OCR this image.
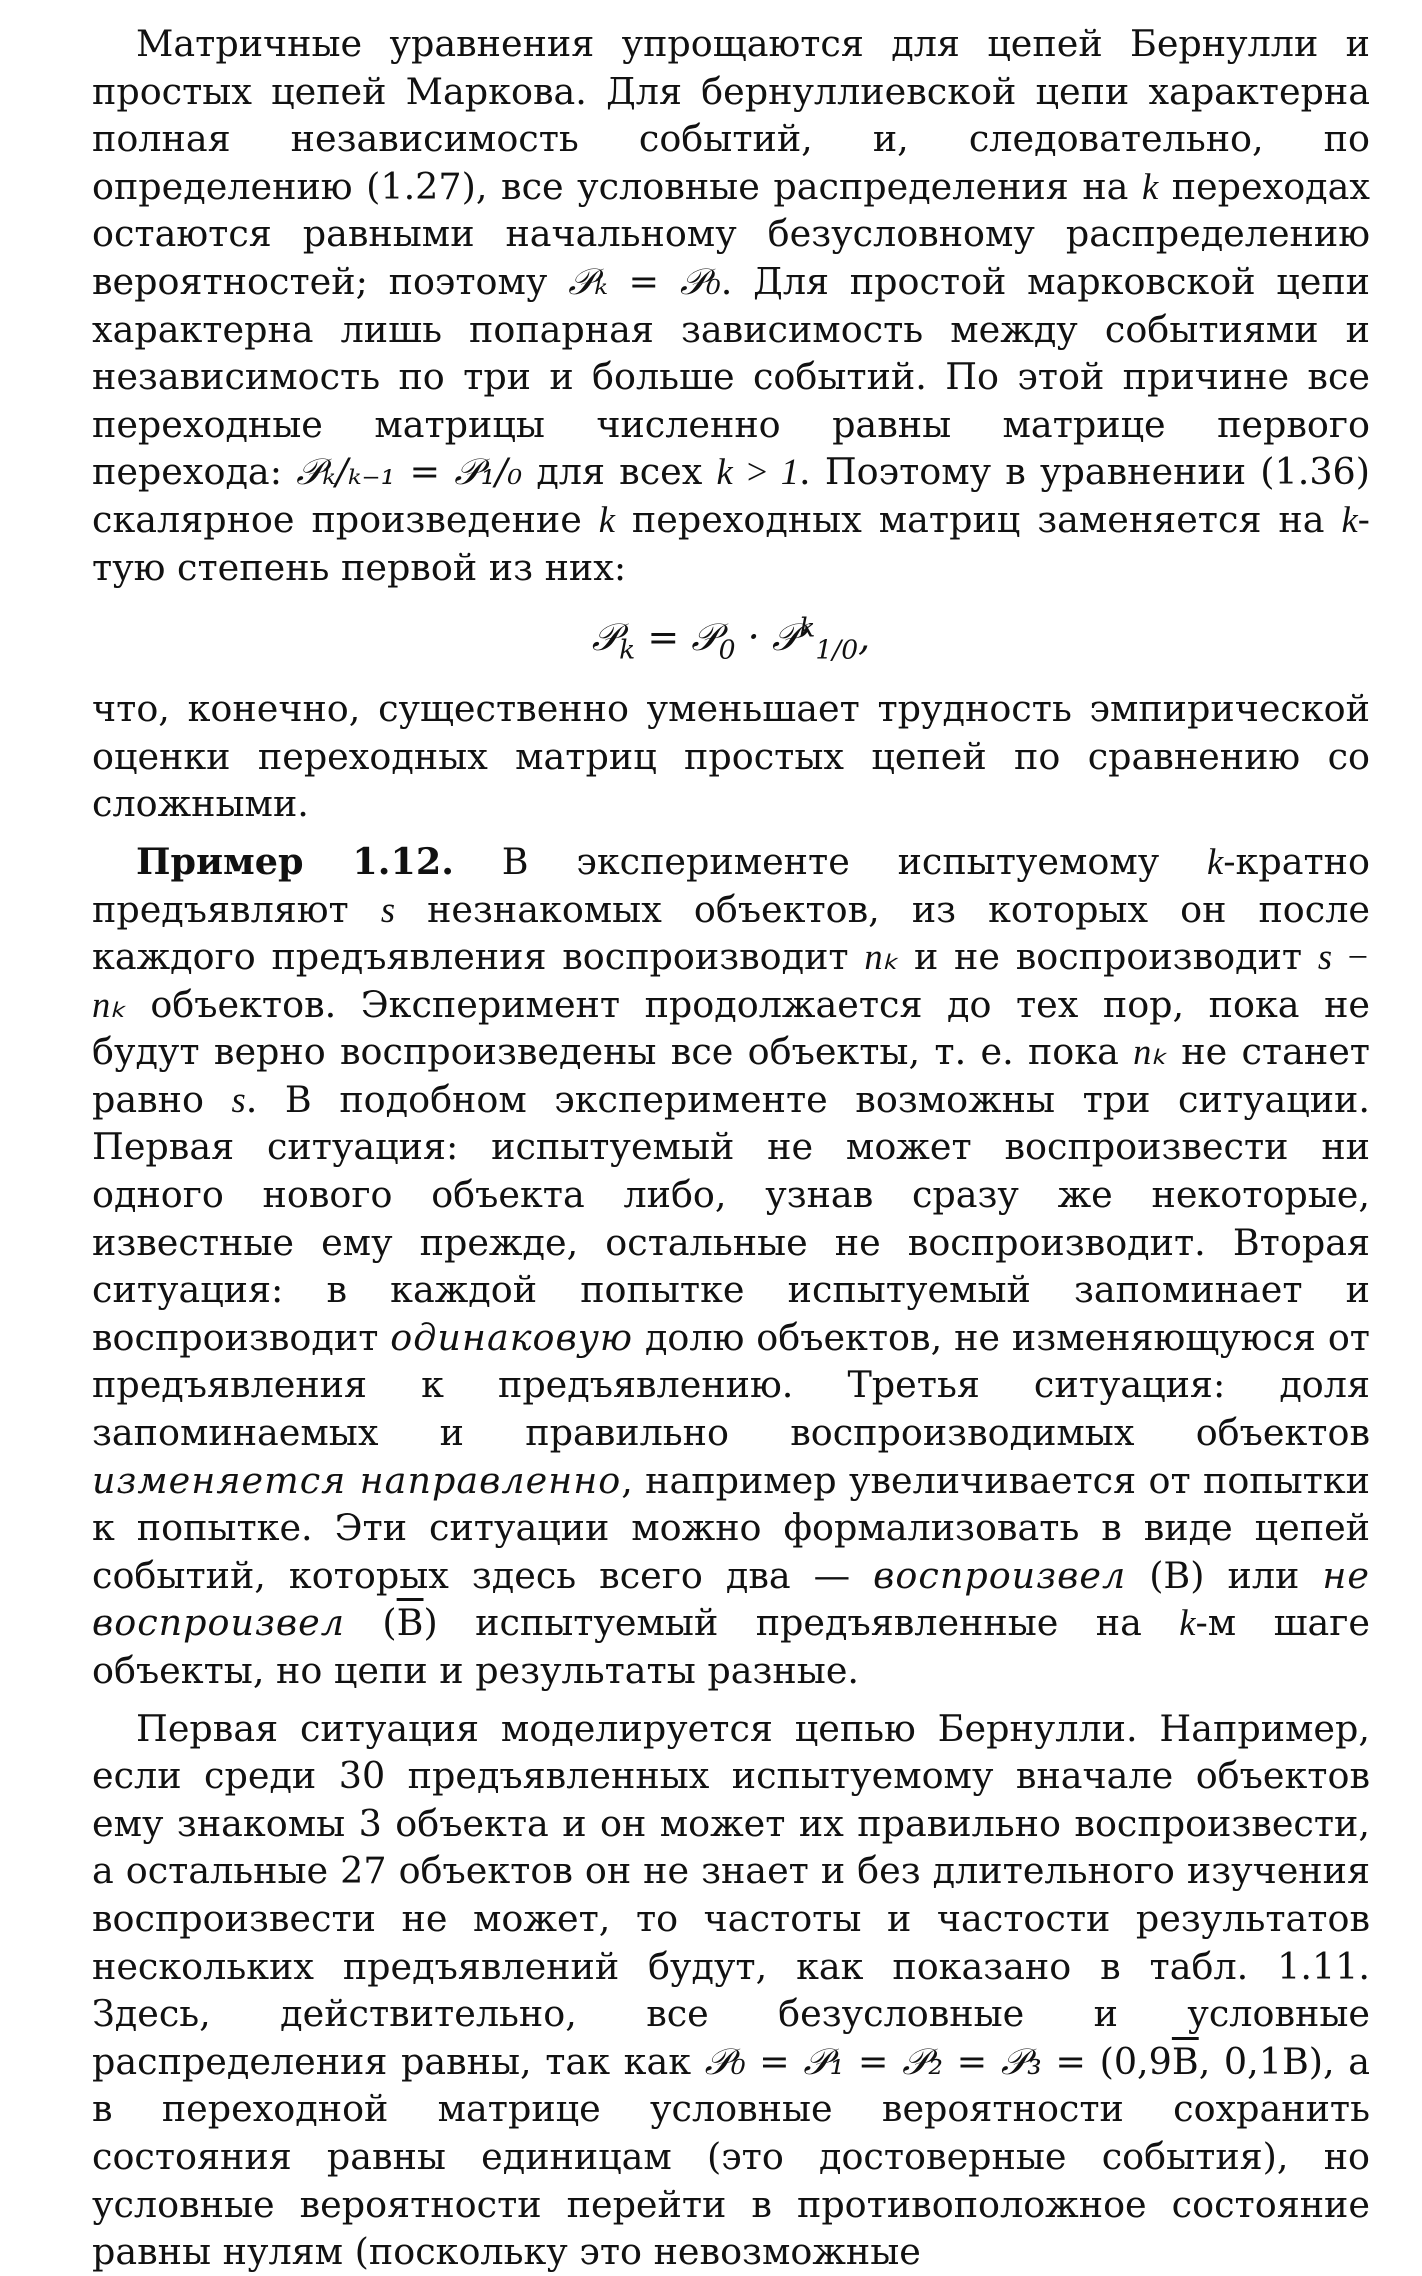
Матричные уравнения упрощаются для цепей Бернулли и простых цепей Маркова. Для бернуллиевской цепи характерна полная независимость событий, и, следовательно, по определению (1.27), все условные распределения на k переходах остаются равными начальному безусловному распределению вероятностей; поэтому 𝒫ₖ = 𝒫₀. Для простой марковской цепи характерна лишь попарная зависимость между событиями и независимость по три и больше событий. По этой причине все переходные матрицы численно равны матрице первого перехода: 𝒫ₖ/ₖ₋₁ = 𝒫₁/₀ для всех k > 1. Поэтому в уравнении (1.36) скалярное произведение k переходных матриц заменяется на k-тую степень первой из них:

𝒫$_k$ = 𝒫$_0$ · 𝒫$^k_{1/0}$,

что, конечно, существенно уменьшает трудность эмпирической оценки переходных матриц простых цепей по сравнению со сложными.

Пример 1.12. В эксперименте испытуемому k-кратно предъявляют s незнакомых объектов, из которых он после каждого предъявления воспроизводит nₖ и не воспроизводит s − nₖ объектов. Эксперимент продолжается до тех пор, пока не будут верно воспроизведены все объекты, т. е. пока nₖ не станет равно s. В подобном эксперименте возможны три ситуации. Первая ситуация: испытуемый не может воспроизвести ни одного нового объекта либо, узнав сразу же некоторые, известные ему прежде, остальные не воспроизводит. Вторая ситуация: в каждой попытке испытуемый запоминает и воспроизводит одинаковую долю объектов, не изменяющуюся от предъявления к предъявлению. Третья ситуация: доля запоминаемых и правильно воспроизводимых объектов изменяется направленно, например увеличивается от попытки к попытке. Эти ситуации можно формализовать в виде цепей событий, которых здесь всего два — воспроизвел (В) или не воспроизвел (В) испытуемый предъявленные на k-м шаге объекты, но цепи и результаты разные.

Первая ситуация моделируется цепью Бернулли. Например, если среди 30 предъявленных испытуемому вначале объектов ему знакомы 3 объекта и он может их правильно воспроизвести, а остальные 27 объектов он не знает и без длительного изучения воспроизвести не может, то частоты и частости результатов нескольких предъявлений будут, как показано в табл. 1.11. Здесь, действительно, все безусловные и условные распределения равны, так как 𝒫₀ = 𝒫₁ = 𝒫₂ = 𝒫₃ = (0,9В, 0,1В), а в переходной матрице условные вероятности сохранить состояния равны единицам (это достоверные события), но условные вероятности перейти в противоположное состояние равны нулям (поскольку это невозможные
